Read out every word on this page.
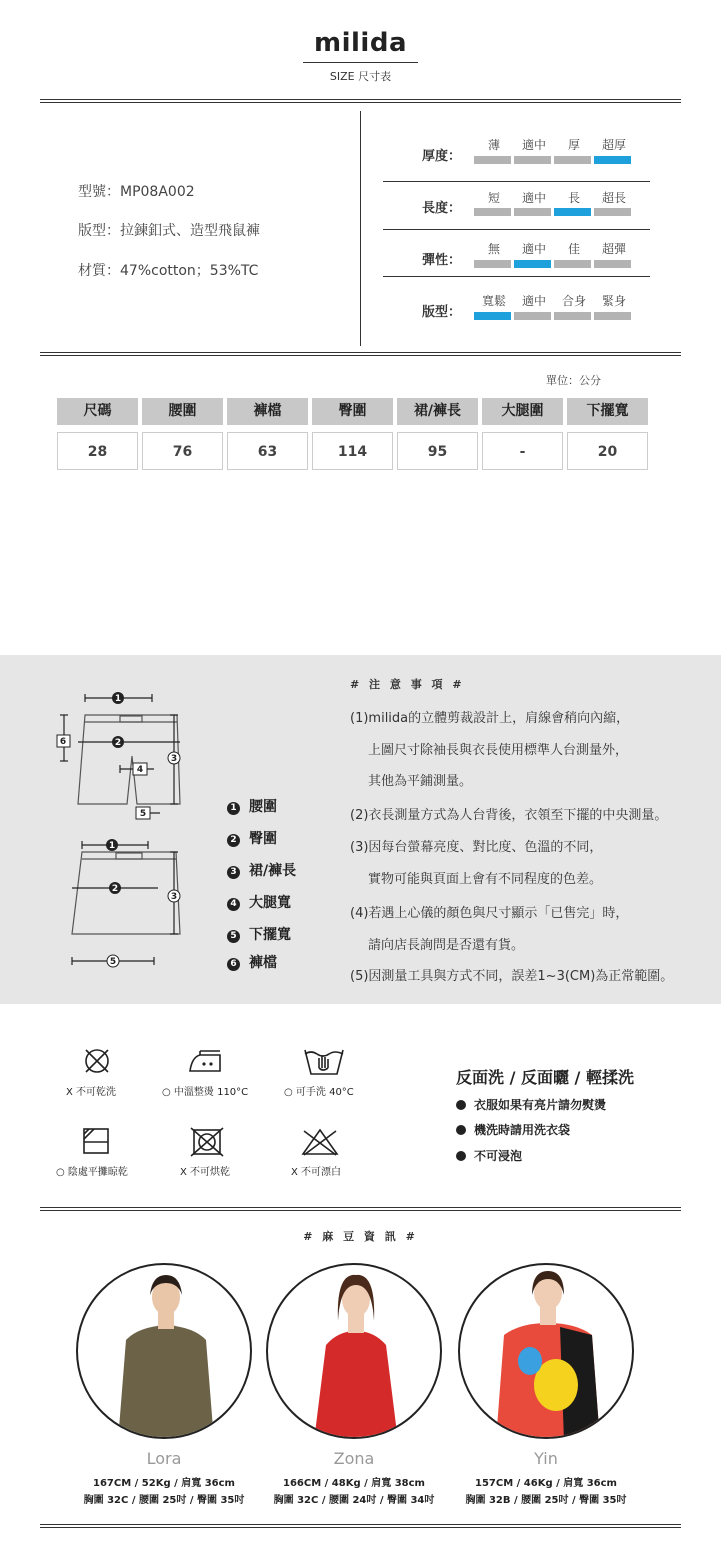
milida
SIZE 尺寸表
型號：MP08A002
版型：拉鍊釦式、造型飛鼠褲
材質：47%cotton；53%TC
厚度：
薄	適中	厚	超厚
長度：
短	適中	長	超長
彈性：
無	適中	佳	超彈
版型：
寬鬆	適中	合身	緊身
單位：公分
尺碼	腰圍	褲檔	臀圍	裙/褲長	大腿圍	下擺寬
28	76	63	114	95	-	20
1
2
6
3
4
5
1
2
3
5
1 腰圍
2 臀圍
3 裙/褲長
4 大腿寬
5 下擺寬
6 褲檔
# 注 意 事 項 #
(1)milida的立體剪裁設計上，肩線會稍向內縮，
上圖尺寸除袖長與衣長使用標準人台測量外，
其他為平鋪測量。
(2)衣長測量方式為人台背後，衣領至下擺的中央測量。
(3)因每台螢幕亮度、對比度、色溫的不同，
實物可能與頁面上會有不同程度的色差。
(4)若遇上心儀的顏色與尺寸顯示「已售完」時，
請向店長詢問是否還有貨。
(5)因測量工具與方式不同，誤差1~3(CM)為正常範圍。
X 不可乾洗	○ 中溫整燙 110°C	○ 可手洗 40°C
○ 陰處平攤晾乾	X 不可烘乾	X 不可漂白
反面洗 / 反面曬 / 輕揉洗
衣服如果有亮片請勿熨燙
機洗時請用洗衣袋
不可浸泡
# 麻 豆 資 訊 #
Lora
167CM / 52Kg / 肩寬 36cm
胸圍 32C / 腰圍 25吋 / 臀圍 35吋
Zona
166CM / 48Kg / 肩寬 38cm
胸圍 32C / 腰圍 24吋 / 臀圍 34吋
Yin
157CM / 46Kg / 肩寬 36cm
胸圍 32B / 腰圍 25吋 / 臀圍 35吋
